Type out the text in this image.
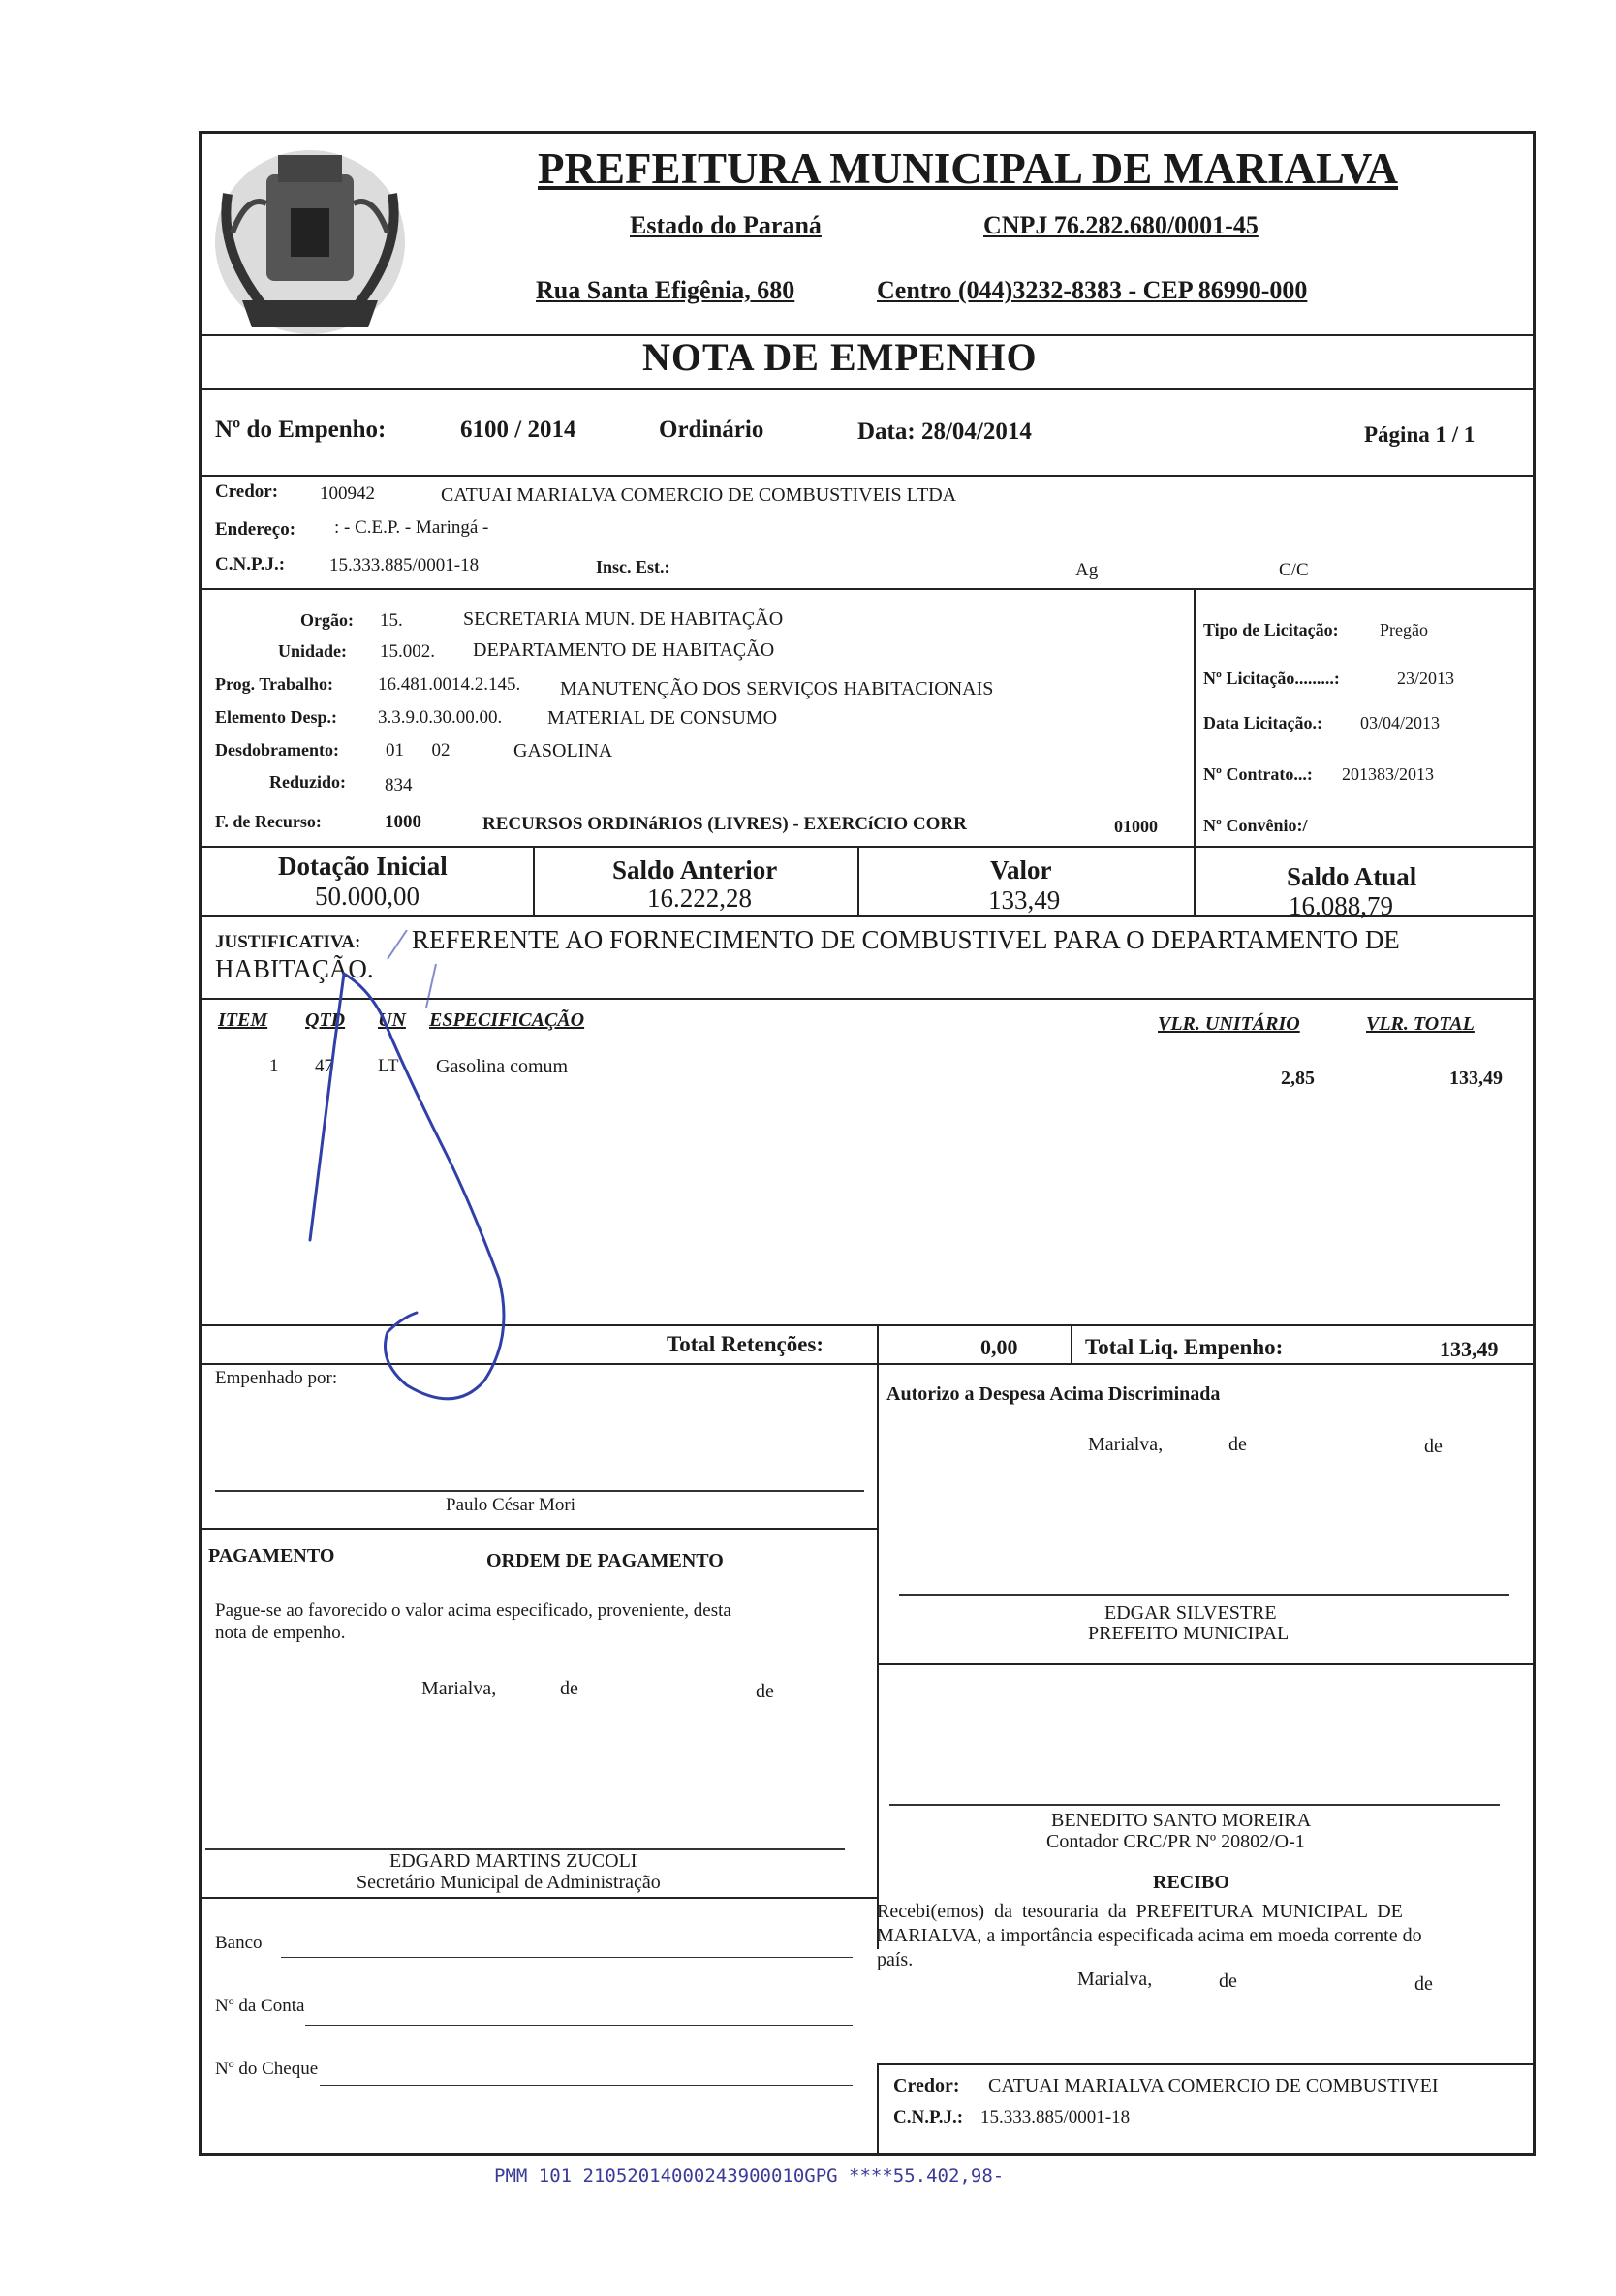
PREFEITURA MUNICIPAL DE MARIALVA
Estado do Paraná	CNPJ 76.282.680/0001-45
Rua Santa Efigênia, 680	Centro (044)3232-8383 - CEP 86990-000
NOTA DE EMPENHO
Nº do Empenho:	6100 / 2014	Ordinário	Data: 28/04/2014	Página 1 / 1
Credor: 100942	CATUAI MARIALVA COMERCIO DE COMBUSTIVEIS LTDA
Endereço: : - C.E.P. - Maringá -
C.N.P.J.: 15.333.885/0001-18	Insc. Est.:	Ag	C/C
Orgão: 15.	SECRETARIA MUN. DE HABITAÇÃO
Unidade: 15.002. DEPARTAMENTO DE HABITAÇÃO
Prog. Trabalho: 16.481.0014.2.145. MANUTENÇÃO DOS SERVIÇOS HABITACIONAIS
Elemento Desp.: 3.3.9.0.30.00.00. MATERIAL DE CONSUMO
Desdobramento:	01      02	GASOLINA
Reduzido: 834
F. de Recurso:	1000	RECURSOS ORDINáRIOS (LIVRES) - EXERCíCIO CORR	01000
Tipo de Licitação: Pregão
Nº Licitação.........:	23/2013
Data Licitação.: 03/04/2013
Nº Contrato...: 201383/2013
Nº Convênio:/
Dotação Inicial
50.000,00
Saldo Anterior
16.222,28
Valor
133,49
Saldo Atual
16.088,79
JUSTIFICATIVA: REFERENTE AO FORNECIMENTO DE COMBUSTIVEL PARA O DEPARTAMENTO DE
HABITAÇÃO.
ITEM QTD UN ESPECIFICAÇÃO	VLR. UNITÁRIO	VLR. TOTAL
1 47 LT Gasolina comum
2,85	133,49
Total Retenções:	0,00	Total Liq. Empenho:	133,49
Empenhado por:
Paulo César Mori
Autorizo a Despesa Acima Discriminada
Marialva,	de	de
PAGAMENTO	ORDEM DE PAGAMENTO
Pague-se ao favorecido o valor acima especificado, proveniente, desta
nota de empenho.
Marialva,	de	de
EDGAR SILVESTRE
PREFEITO MUNICIPAL
EDGARD MARTINS ZUCOLI
Secretário Municipal de Administração
BENEDITO SANTO MOREIRA
Contador CRC/PR Nº 20802/O-1
RECIBO
Recebi(emos)  da  tesouraria  da  PREFEITURA  MUNICIPAL  DE
MARIALVA, a importância especificada acima em moeda corrente do
país.
Marialva,	de	de
Banco
Nº da Conta
Nº do Cheque
Credor: CATUAI MARIALVA COMERCIO DE COMBUSTIVEI
C.N.P.J.: 15.333.885/0001-18
PMM 101 21052014000243900010GPG ****55.402,98-
